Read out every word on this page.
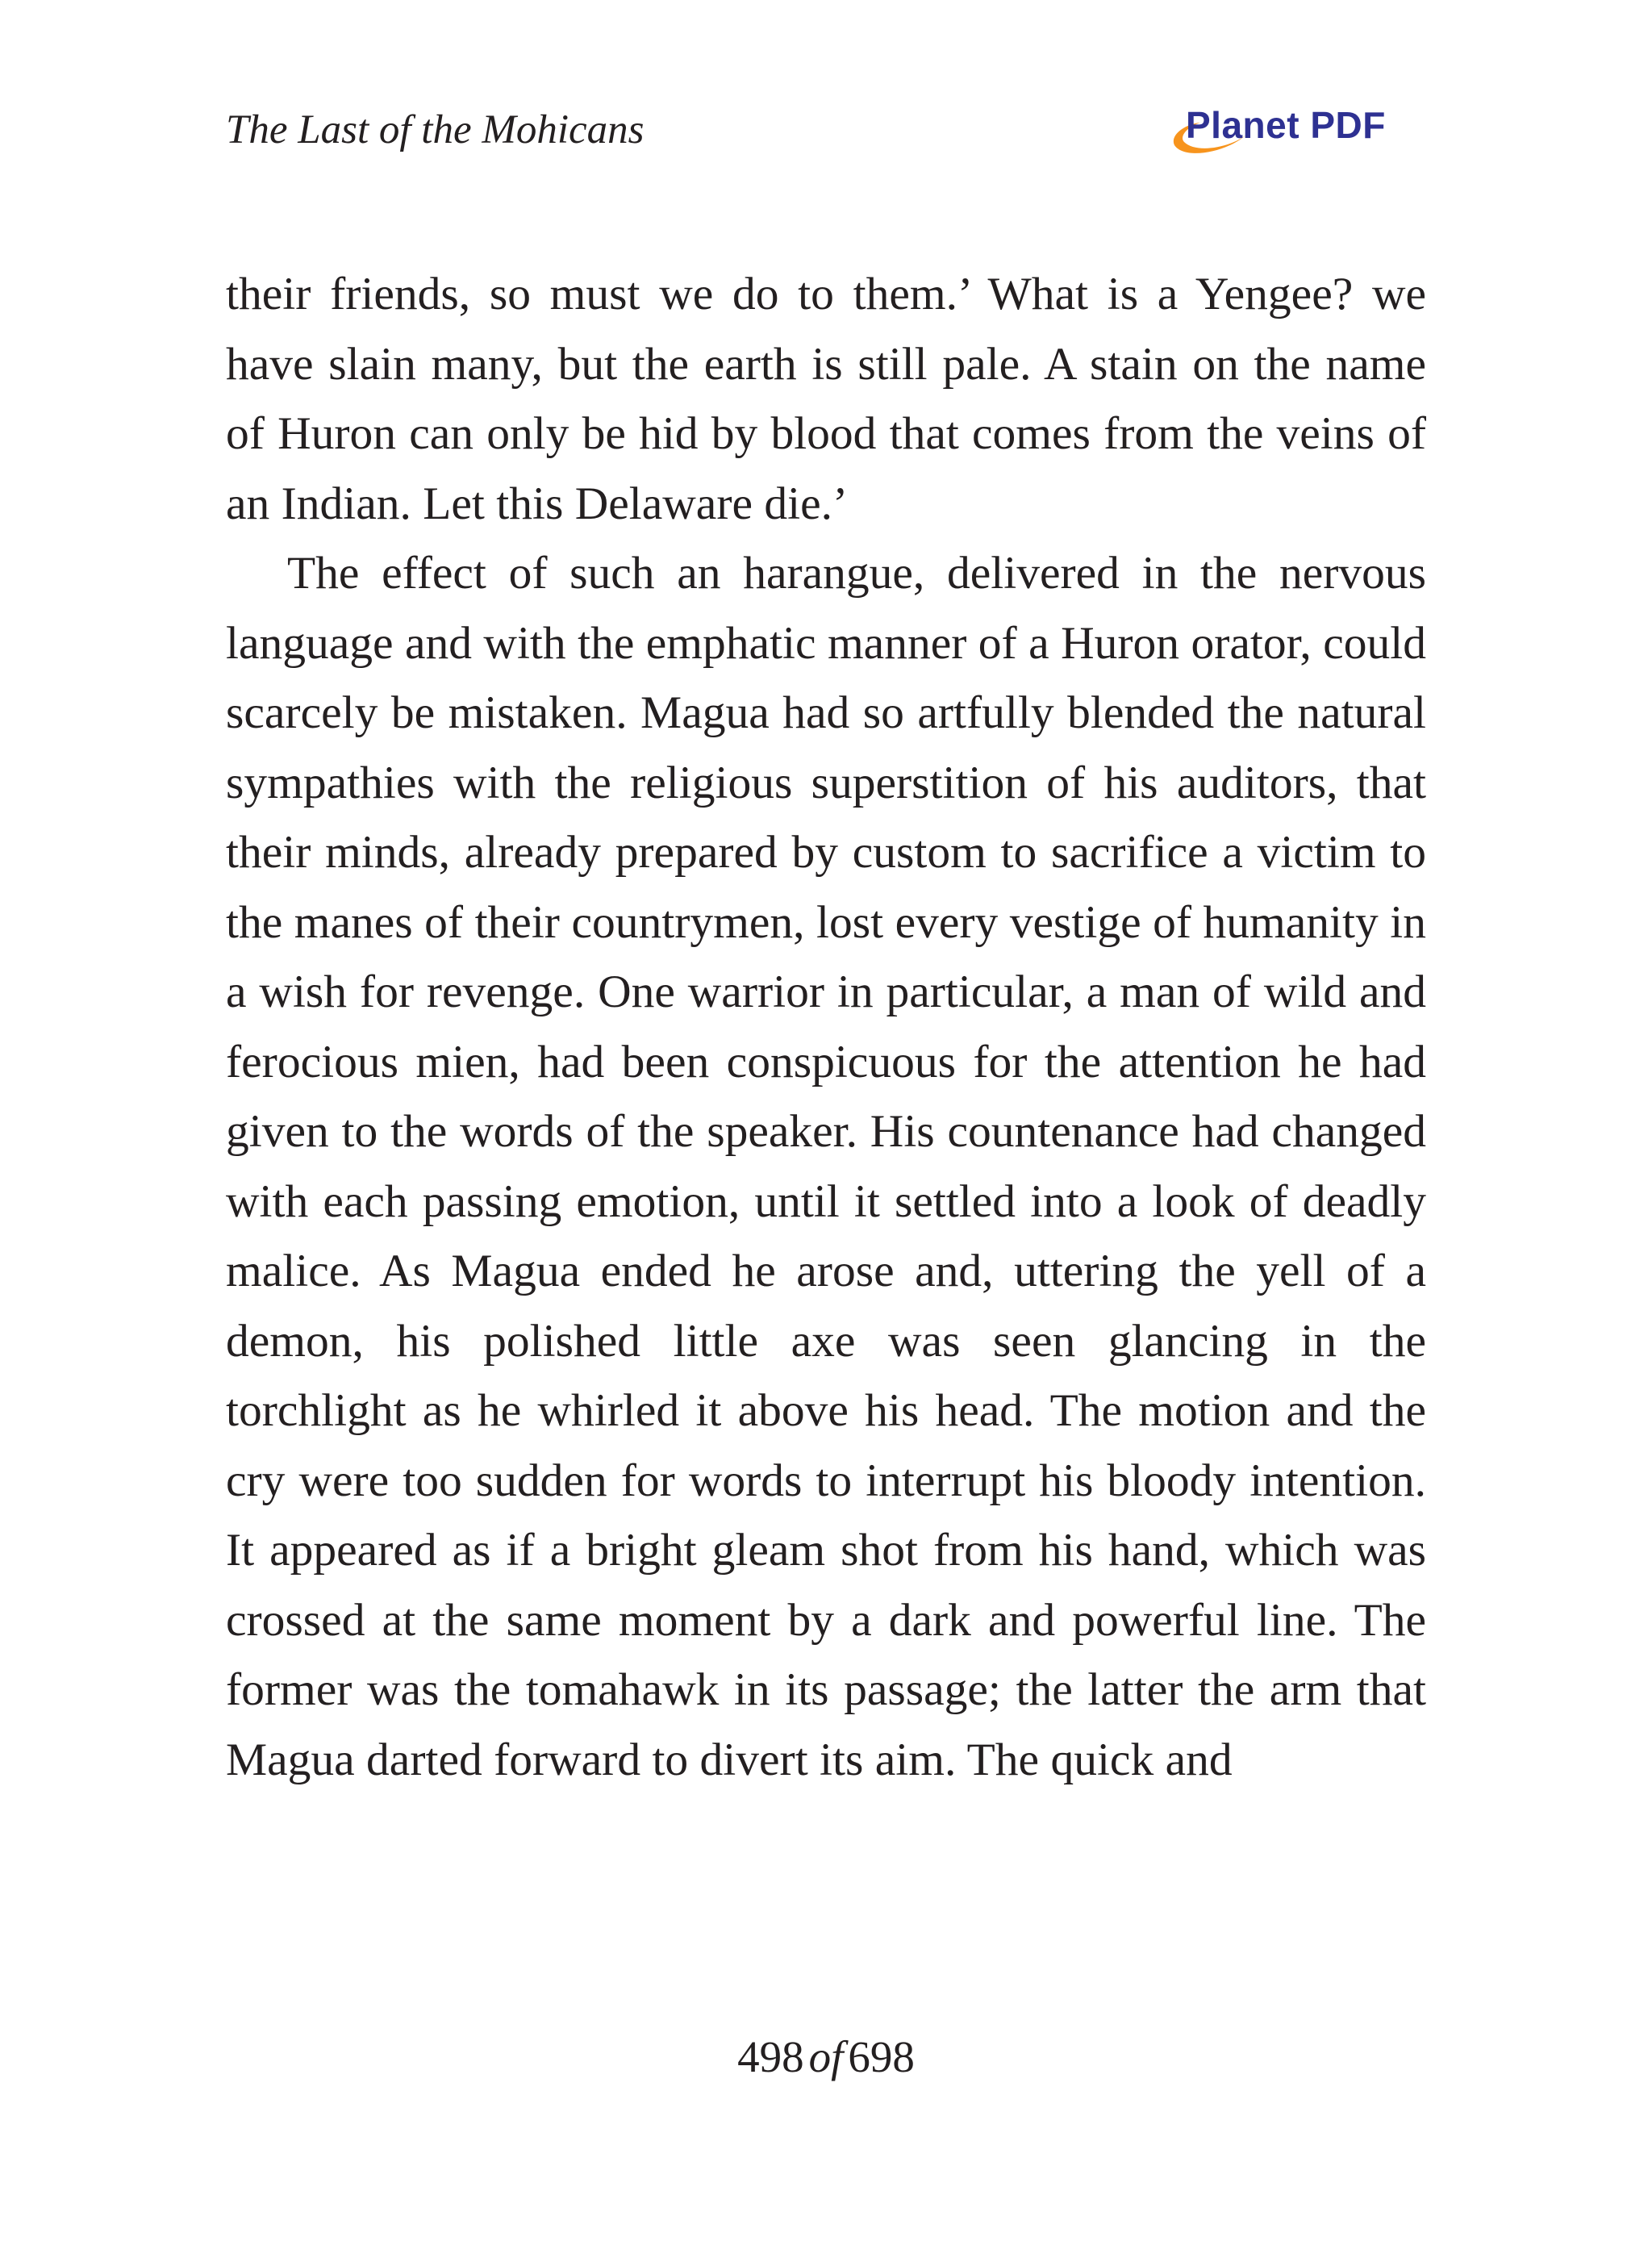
The Last of the Mohicans	Planet PDF

their friends, so must we do to them.’ What is a Yengee? we have slain many, but the earth is still pale. A stain on the name of Huron can only be hid by blood that comes from the veins of an Indian. Let this Delaware die.’

The effect of such an harangue, delivered in the nervous language and with the emphatic manner of a Huron orator, could scarcely be mistaken. Magua had so artfully blended the natural sympathies with the religious superstition of his auditors, that their minds, already prepared by custom to sacrifice a victim to the manes of their countrymen, lost every vestige of humanity in a wish for revenge. One warrior in particular, a man of wild and ferocious mien, had been conspicuous for the attention he had given to the words of the speaker. His countenance had changed with each passing emotion, until it settled into a look of deadly malice. As Magua ended he arose and, uttering the yell of a demon, his polished little axe was seen glancing in the torchlight as he whirled it above his head. The motion and the cry were too sudden for words to interrupt his bloody intention. It appeared as if a bright gleam shot from his hand, which was crossed at the same moment by a dark and powerful line. The former was the tomahawk in its passage; the latter the arm that Magua darted forward to divert its aim. The quick and

498 of 698
